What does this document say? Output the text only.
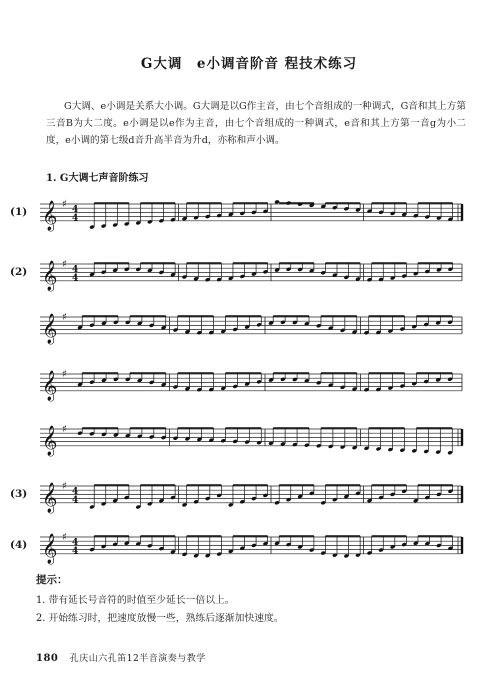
G大调　e小调音阶音 程技术练习
G大调、e小调是关系大小调。G大调是以G作主音，由七个音组成的一种调式，G音和其上方第三音B为大二度。e小调是以e作为主音，由七个音组成的一种调式，e音和其上方第一音g为小二度，e小调的第七级d音升高半音为升d，亦称和声小调。
1. G大调七声音阶练习
(1) 𝄞 ♯ 4
4
(2) 𝄞 ♯ 4
4
𝄞 ♯
𝄞 ♯
𝄞 ♯
(3) 𝄞 ♯ 4
4
(4) 𝄞 ♯ 4
4
提示：
1. 带有延长号音符的时值至少延长一倍以上。
2. 开始练习时，把速度放慢一些，熟练后逐渐加快速度。
180 孔庆山六孔笛12半音演奏与教学
